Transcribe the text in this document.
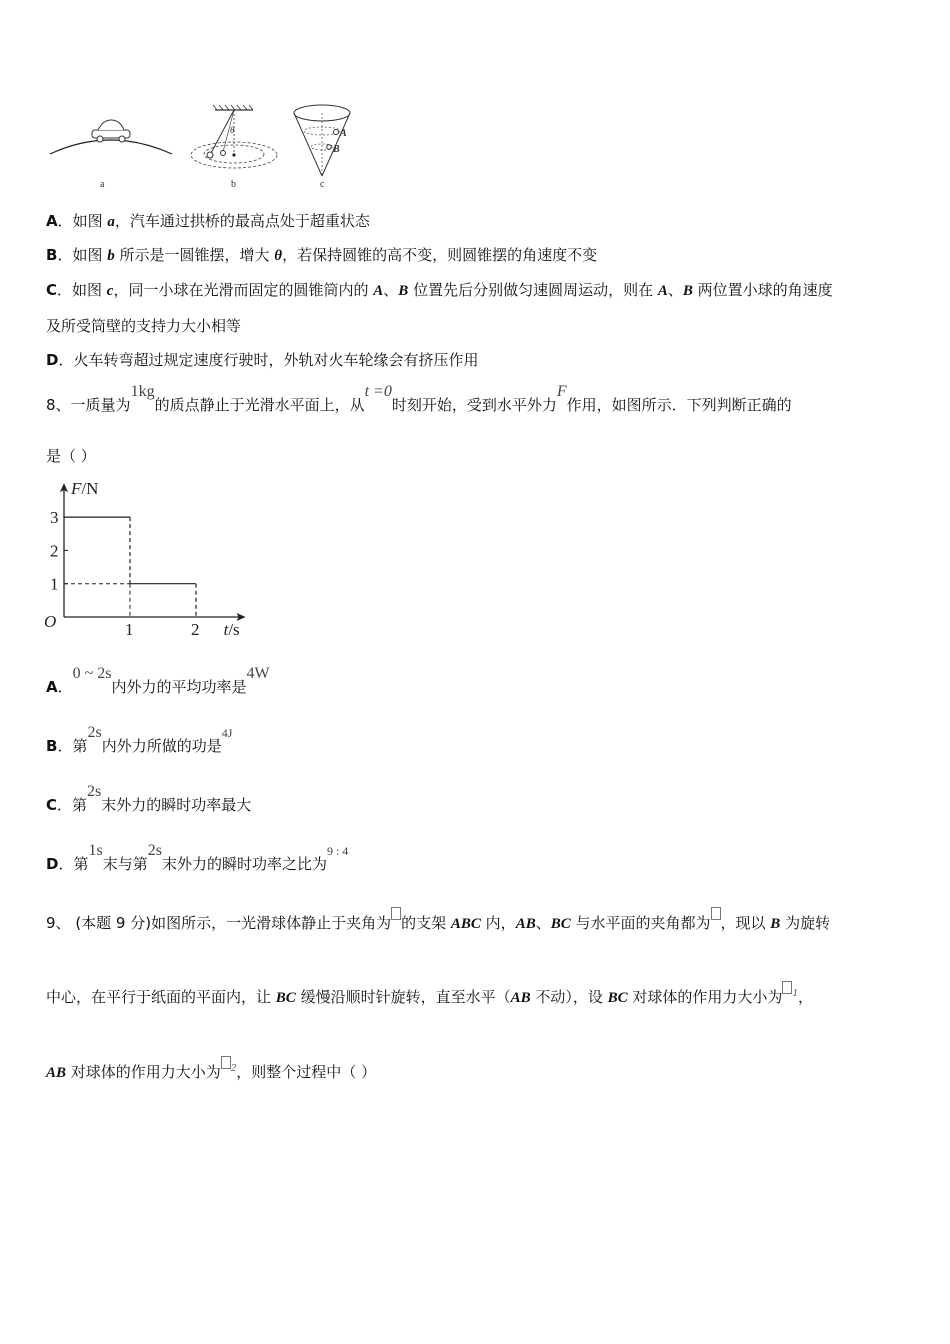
θ	A
B
a	b	c
A．如图 a，汽车通过拱桥的最高点处于超重状态
B．如图 b 所示是一圆锥摆，增大 θ，若保持圆锥的高不变，则圆锥摆的角速度不变
C．如图 c，同一小球在光滑而固定的圆锥筒内的 A、B 位置先后分别做匀速圆周运动，则在 A、B 两位置小球的角速度
及所受筒壁的支持力大小相等
D．火车转弯超过规定速度行驶时，外轨对火车轮缘会有挤压作用
8、一质量为1kg的质点静止于光滑水平面上，从t =0时刻开始，受到水平外力F作用，如图所示．下列判断正确的
是（ ）
F/N
t/s
O
1
2
3
1	2
A．0 ~ 2s内外力的平均功率是4W
B．第2s内外力所做的功是$^{4J}$
C．第2s末外力的瞬时功率最大
D．第1s末与第2s末外力的瞬时功率之比为$^{9 : 4}$
9、 (本题 9 分)如图所示，一光滑球体静止于夹角为 的支架 ABC 内，AB、BC 与水平面的夹角都为 ，现以 B 为旋转
中心，在平行于纸面的平面内，让 BC 缓慢沿顺时针旋转，直至水平（AB 不动），设 BC 对球体的作用力大小为 $^1$，
AB 对球体的作用力大小为 $^2$，则整个过程中（ ）
